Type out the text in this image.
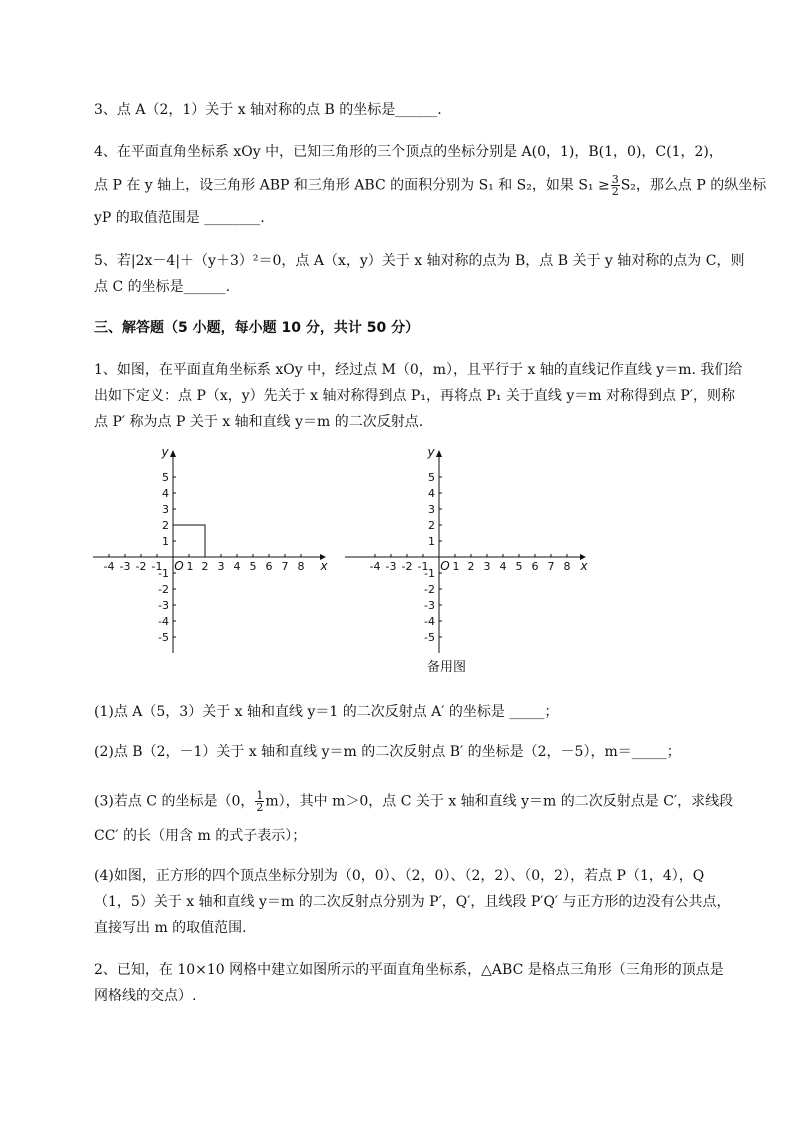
3、点 A（2，1）关于 x 轴对称的点 B 的坐标是______.
4、在平面直角坐标系 xOy 中，已知三角形的三个顶点的坐标分别是 A(0，1)，B(1，0)，C(1，2)，
点 P 在 y 轴上，设三角形 ABP 和三角形 ABC 的面积分别为 S₁ 和 S₂，如果 $S_1 \ge \frac{3}{2} S_2$，那么点 P 的纵坐标
yP 的取值范围是 ________.
5、若|2x－4|＋（y＋3）²＝0，点 A（x，y）关于 x 轴对称的点为 B，点 B 关于 y 轴对称的点为 C，则
点 C 的坐标是______.
三、解答题（5 小题，每小题 10 分，共计 50 分）
1、如图，在平面直角坐标系 xOy 中，经过点 M（0，m），且平行于 x 轴的直线记作直线 y＝m. 我们给
出如下定义：点 P（x，y）先关于 x 轴对称得到点 P₁，再将点 P₁ 关于直线 y＝m 对称得到点 P′，则称
点 P′ 称为点 P 关于 x 轴和直线 y＝m 的二次反射点.
x
y
O
-4 -3 -2 -1 1 2 3 4 5 6 7 8
5
4
3
2
1
-1
-2
-3
-4
-5
x
y
O
-4 -3 -2 -1 1 2 3 4 5 6 7 8
5
4
3
2
1
-1
-2
-3
-4
-5
备用图
(1)点 A（5，3）关于 x 轴和直线 y＝1 的二次反射点 A′ 的坐标是 _____；
(2)点 B（2，－1）关于 x 轴和直线 y＝m 的二次反射点 B′ 的坐标是（2，－5），m＝_____；
(3)若点 C 的坐标是（0， $\frac{1}{2} m$），其中 m＞0，点 C 关于 x 轴和直线 y＝m 的二次反射点是 C′，求线段
CC′ 的长（用含 m 的式子表示）；
(4)如图，正方形的四个顶点坐标分别为（0，0）、（2，0）、（2，2）、（0，2），若点 P（1，4），Q
（1，5）关于 x 轴和直线 y＝m 的二次反射点分别为 P′，Q′，且线段 P′Q′ 与正方形的边没有公共点，
直接写出 m 的取值范围.
2、已知，在 10×10 网格中建立如图所示的平面直角坐标系，△ABC 是格点三角形（三角形的顶点是
网格线的交点）.
